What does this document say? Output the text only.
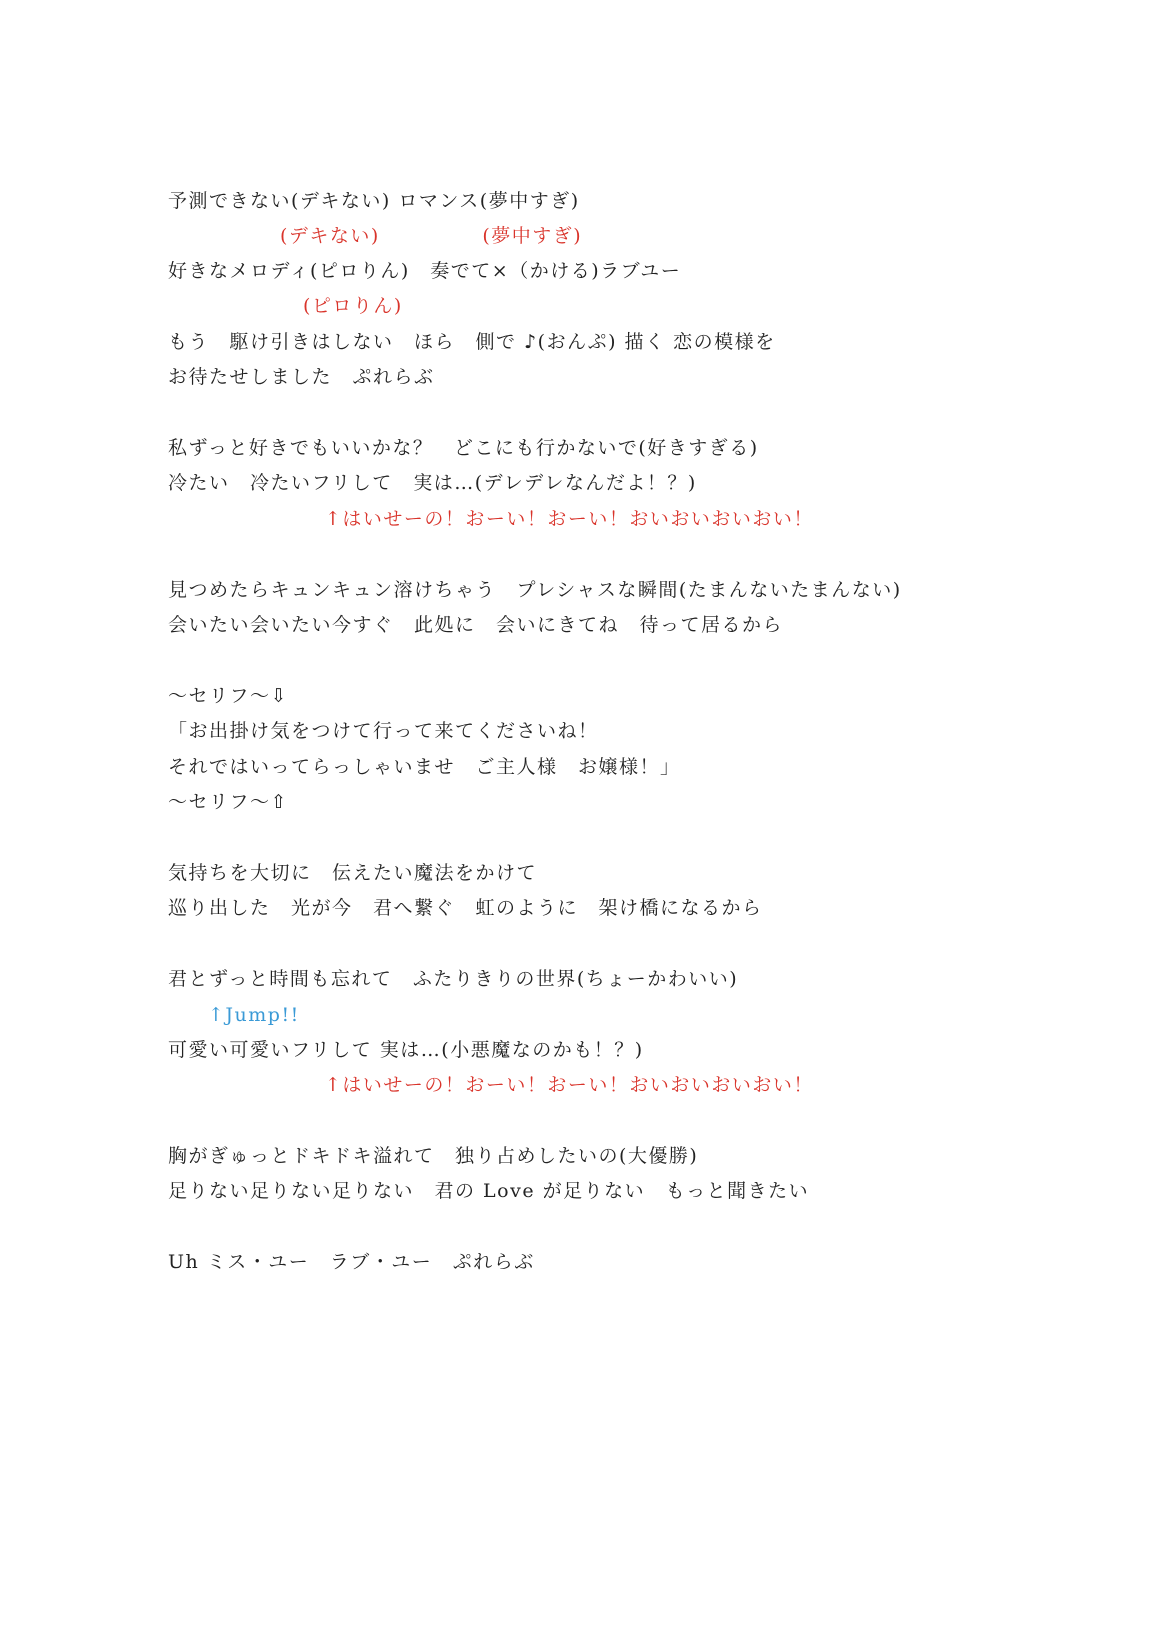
予測できない(デキない) ロマンス(夢中すぎ)
(デキない)　　　　　(夢中すぎ)
好きなメロディ(ピロりん)　奏でて×（かける)ラブユー
(ピロりん)
もう　駆け引きはしない　ほら　側で ♪(おんぷ) 描く 恋の模様を
お待たせしました　ぷれらぶ
私ずっと好きでもいいかな？　どこにも行かないで(好きすぎる)
冷たい　冷たいフリして　実は…(デレデレなんだよ！？)
↑はいせーの！おーい！おーい！おいおいおいおい！
見つめたらキュンキュン溶けちゃう　プレシャスな瞬間(たまんないたまんない)
会いたい会いたい今すぐ　此処に　会いにきてね　待って居るから
〜セリフ〜⇩
「お出掛け気をつけて行って来てくださいね！
それではいってらっしゃいませ　ご主人様　お嬢様！」
〜セリフ〜⇧
気持ちを大切に　伝えたい魔法をかけて
巡り出した　光が今　君へ繋ぐ　虹のように　架け橋になるから
君とずっと時間も忘れて　ふたりきりの世界(ちょーかわいい)
↑Jump!!
可愛い可愛いフリして 実は…(小悪魔なのかも！？)
↑はいせーの！おーい！おーい！おいおいおいおい！
胸がぎゅっとドキドキ溢れて　独り占めしたいの(大優勝)
足りない足りない足りない　君の Love が足りない　もっと聞きたい
Uh ミス・ユー　ラブ・ユー　ぷれらぶ
